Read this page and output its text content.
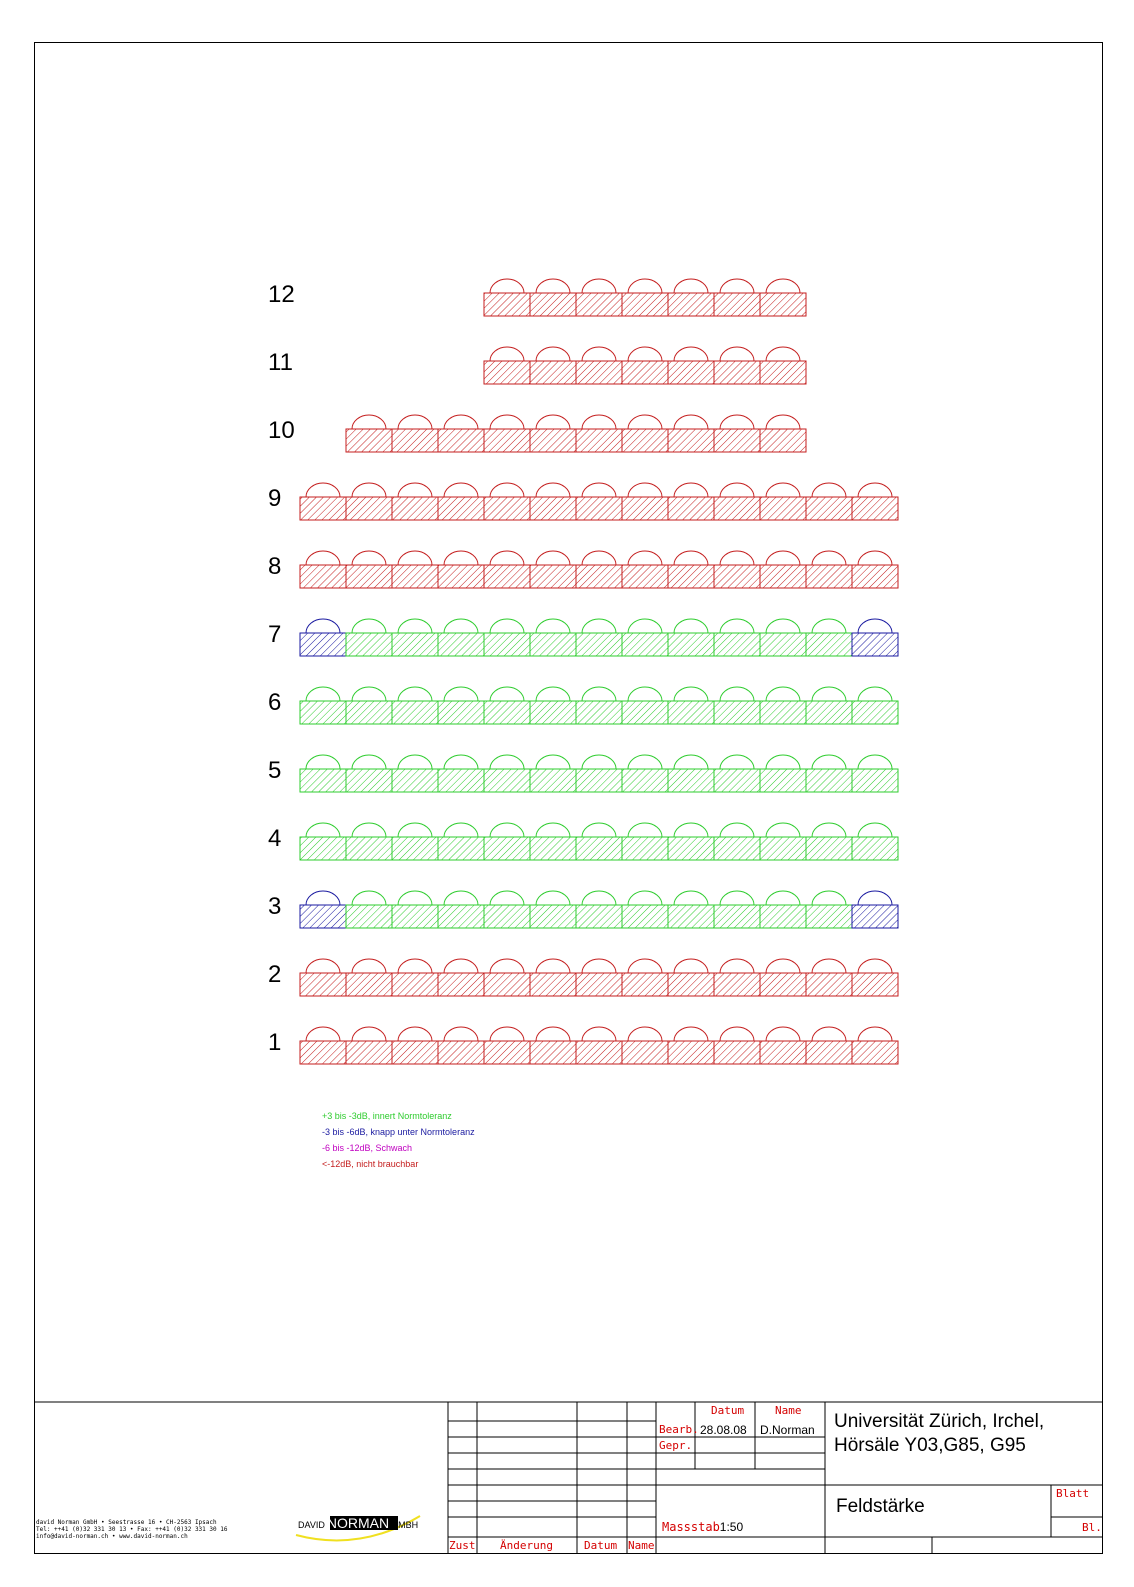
12
11
10
9
8
7
6
5
4
3
2
1
+3 bis -3dB, innert Normtoleranz
-3 bis -6dB, knapp unter Normtoleranz
-6 bis -12dB, Schwach
<-12dB, nicht brauchbar
david Norman GmbH • Seestrasse 16 • CH-2563 Ipsach
Tel: ++41 (0)32 331 30 13 • Fax: ++41 (0)32 331 30 16
info@david-norman.ch • www.david-norman.ch
DAVID NORMAN GMBH
Zust Änderung	Datum Name
Datum	Name
Bearb. 28.08.08 D.Norman
Gepr.
Massstab1:50
Universität Zürich, Irchel,
Hörsäle Y03,G85, G95
Feldstärke
Blatt
Bl.
